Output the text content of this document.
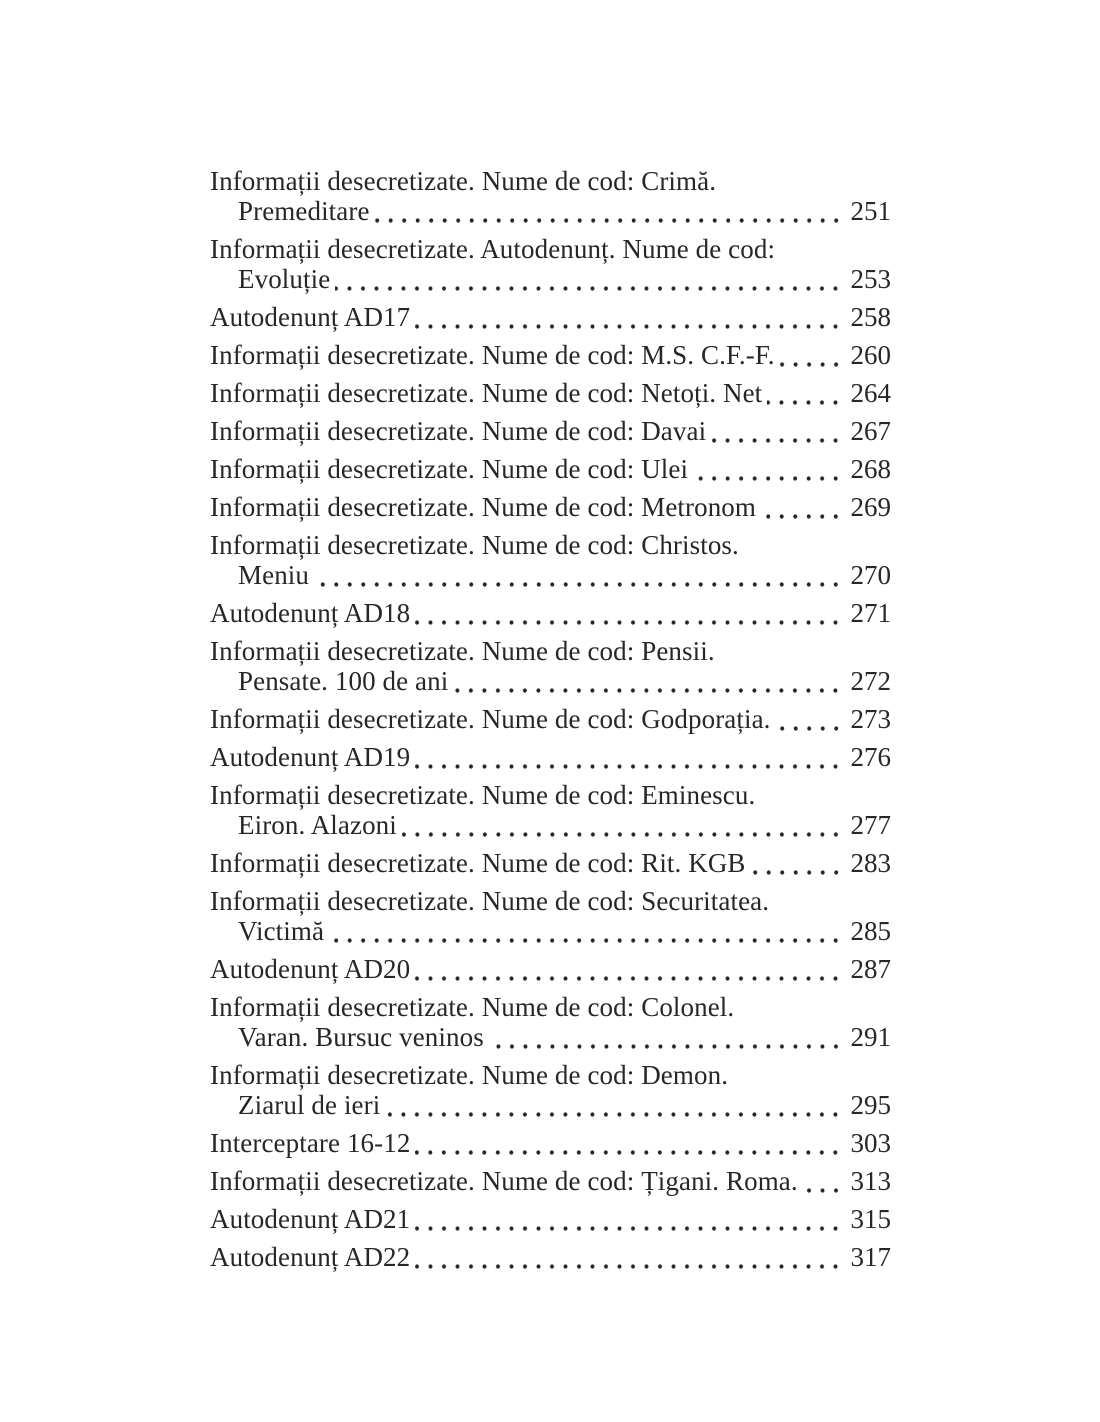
Informații desecretizate. Nume de cod: Crimă.
Premeditare	251
Informații desecretizate. Autodenunț. Nume de cod:
Evoluție	253
Autodenunț AD17	258
Informații desecretizate. Nume de cod: M.S. C.F.-F.	260
Informații desecretizate. Nume de cod: Netoți. Net	264
Informații desecretizate. Nume de cod: Davai	267
Informații desecretizate. Nume de cod: Ulei	268
Informații desecretizate. Nume de cod: Metronom	269
Informații desecretizate. Nume de cod: Christos.
Meniu	270
Autodenunț AD18	271
Informații desecretizate. Nume de cod: Pensii.
Pensate. 100 de ani	272
Informații desecretizate. Nume de cod: Godporația.	273
Autodenunț AD19	276
Informații desecretizate. Nume de cod: Eminescu.
Eiron. Alazoni	277
Informații desecretizate. Nume de cod: Rit. KGB	283
Informații desecretizate. Nume de cod: Securitatea.
Victimă	285
Autodenunț AD20	287
Informații desecretizate. Nume de cod: Colonel.
Varan. Bursuc veninos	291
Informații desecretizate. Nume de cod: Demon.
Ziarul de ieri	295
Interceptare 16-12	303
Informații desecretizate. Nume de cod: Țigani. Roma. 313
Autodenunț AD21	315
Autodenunț AD22	317
